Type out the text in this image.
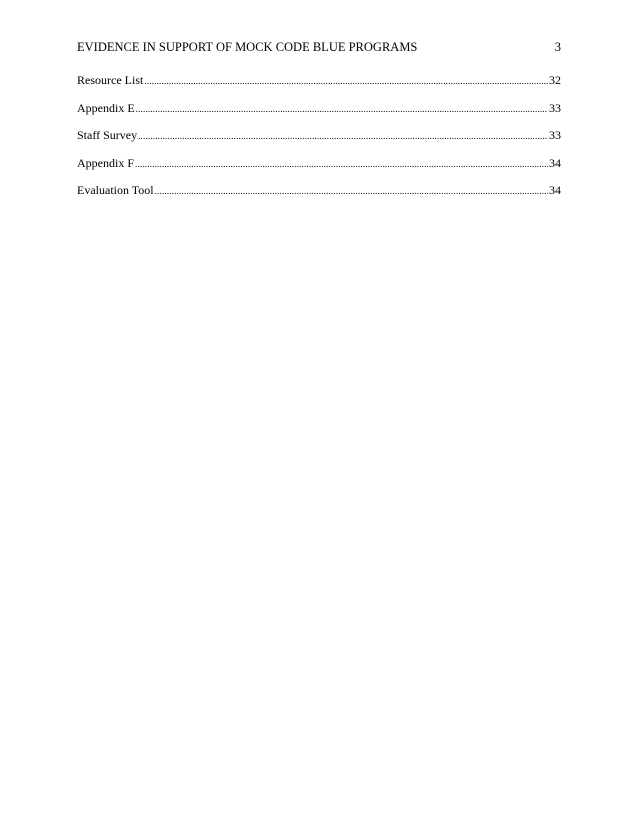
EVIDENCE IN SUPPORT OF MOCK CODE BLUE PROGRAMS	3
Resource List .....	32
Appendix E .....	33
Staff Survey .....	33
Appendix F .....	34
Evaluation Tool .....	34
